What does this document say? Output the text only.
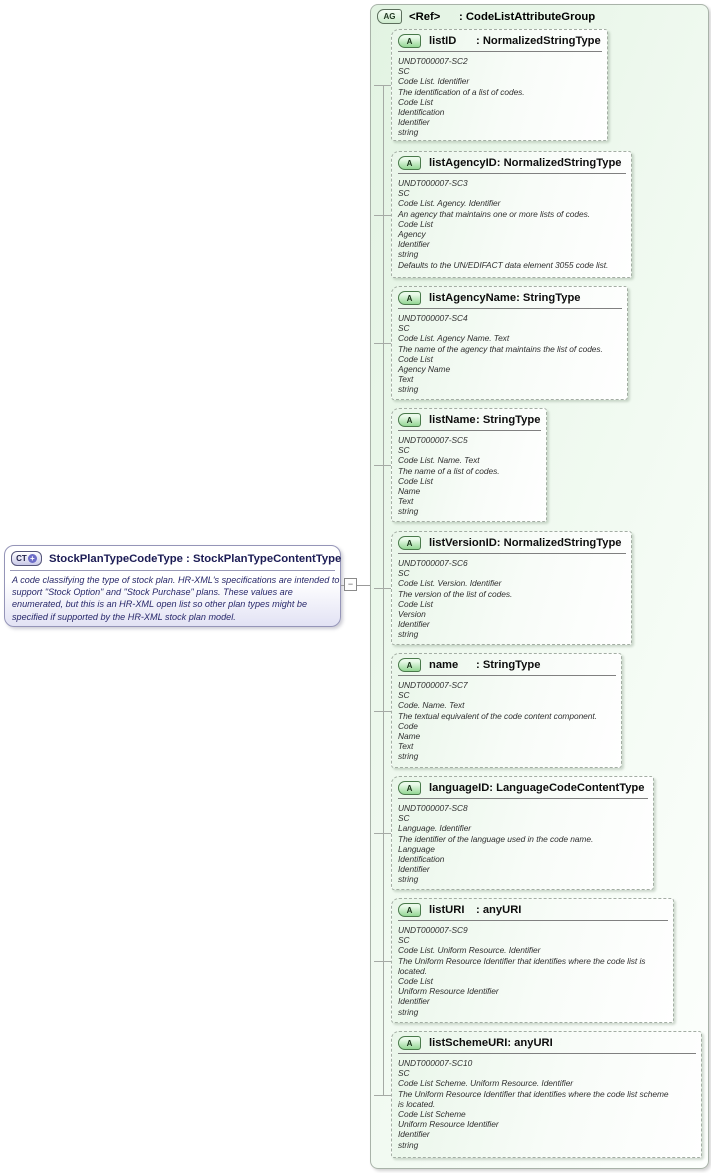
CT + StockPlanTypeCodeType : StockPlanTypeContentType
A code classifying the type of stock plan. HR-XML's specifications are intended to
support "Stock Option" and "Stock Purchase" plans. These values are
enumerated, but this is an HR-XML open list so other plan types might be
specified if supported by the HR-XML stock plan model.
−
AG	<Ref>	: CodeListAttributeGroup
A	listID	: NormalizedStringType
UNDT000007-SC2
SC
Code List. Identifier
The identification of a list of codes.
Code List
Identification
Identifier
string
A	listAgencyID : NormalizedStringType
UNDT000007-SC3
SC
Code List. Agency. Identifier
An agency that maintains one or more lists of codes.
Code List
Agency
Identifier
string
Defaults to the UN/EDIFACT data element 3055 code list.
A	listAgencyName : StringType
UNDT000007-SC4
SC
Code List. Agency Name. Text
The name of the agency that maintains the list of codes.
Code List
Agency Name
Text
string
A	listName : StringType
UNDT000007-SC5
SC
Code List. Name. Text
The name of a list of codes.
Code List
Name
Text
string
A	listVersionID : NormalizedStringType
UNDT000007-SC6
SC
Code List. Version. Identifier
The version of the list of codes.
Code List
Version
Identifier
string
A	name	: StringType
UNDT000007-SC7
SC
Code. Name. Text
The textual equivalent of the code content component.
Code
Name
Text
string
A	languageID : LanguageCodeContentType
UNDT000007-SC8
SC
Language. Identifier
The identifier of the language used in the code name.
Language
Identification
Identifier
string
A	listURI	: anyURI
UNDT000007-SC9
SC
Code List. Uniform Resource. Identifier
The Uniform Resource Identifier that identifies where the code list is
located.
Code List
Uniform Resource Identifier
Identifier
string
A	listSchemeURI : anyURI
UNDT000007-SC10
SC
Code List Scheme. Uniform Resource. Identifier
The Uniform Resource Identifier that identifies where the code list scheme
is located.
Code List Scheme
Uniform Resource Identifier
Identifier
string
